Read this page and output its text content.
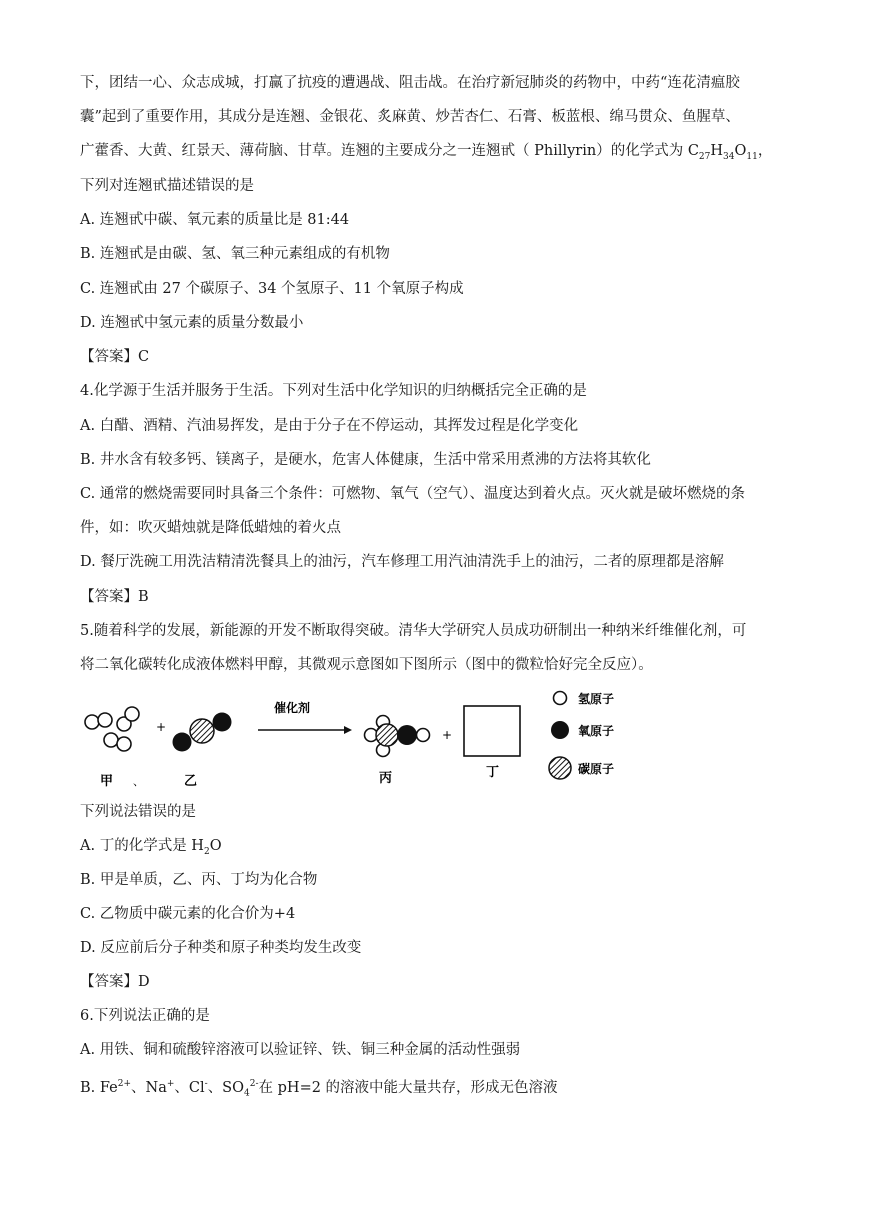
下，团结一心、众志成城，打赢了抗疫的遭遇战、阻击战。在治疗新冠肺炎的药物中，中药“连花清瘟胶
囊”起到了重要作用，其成分是连翘、金银花、炙麻黄、炒苦杏仁、石膏、板蓝根、绵马贯众、鱼腥草、
广藿香、大黄、红景天、薄荷脑、甘草。连翘的主要成分之一连翘甙（ Phillyrin）的化学式为 $C_{27}H_{34}O_{11}$，
下列对连翘甙描述错误的是
A. 连翘甙中碳、氧元素的质量比是 81:44
B. 连翘甙是由碳、氢、氧三种元素组成的有机物
C. 连翘甙由 27 个碳原子、34 个氢原子、11 个氧原子构成
D. 连翘甙中氢元素的质量分数最小
【答案】C
4.化学源于生活并服务于生活。下列对生活中化学知识的归纳概括完全正确的是
A. 白醋、酒精、汽油易挥发，是由于分子在不停运动，其挥发过程是化学变化
B. 井水含有较多钙、镁离子，是硬水，危害人体健康，生活中常采用煮沸的方法将其软化
C. 通常的燃烧需要同时具备三个条件：可燃物、氧气（空气）、温度达到着火点。灭火就是破坏燃烧的条
件，如：吹灭蜡烛就是降低蜡烛的着火点
D. 餐厅洗碗工用洗洁精清洗餐具上的油污，汽车修理工用汽油清洗手上的油污，二者的原理都是溶解
【答案】B
5.随着科学的发展，新能源的开发不断取得突破。清华大学研究人员成功研制出一种纳米纤维催化剂，可
将二氧化碳转化成液体燃料甲醇，其微观示意图如下图所示（图中的微粒恰好完全反应）。
+
催化剂
+
甲 、	乙	丙	丁
氢原子
氧原子
碳原子
下列说法错误的是
A. 丁的化学式是 $H_2O$
B. 甲是单质，乙、丙、丁均为化合物
C. 乙物质中碳元素的化合价为+4
D. 反应前后分子种类和原子种类均发生改变
【答案】D
6.下列说法正确的是
A. 用铁、铜和硫酸锌溶液可以验证锌、铁、铜三种金属的活动性强弱
B. $Fe^{2+}$、Na+、Cl-、$SO_4^{2-}$在 pH=2 的溶液中能大量共存，形成无色溶液
